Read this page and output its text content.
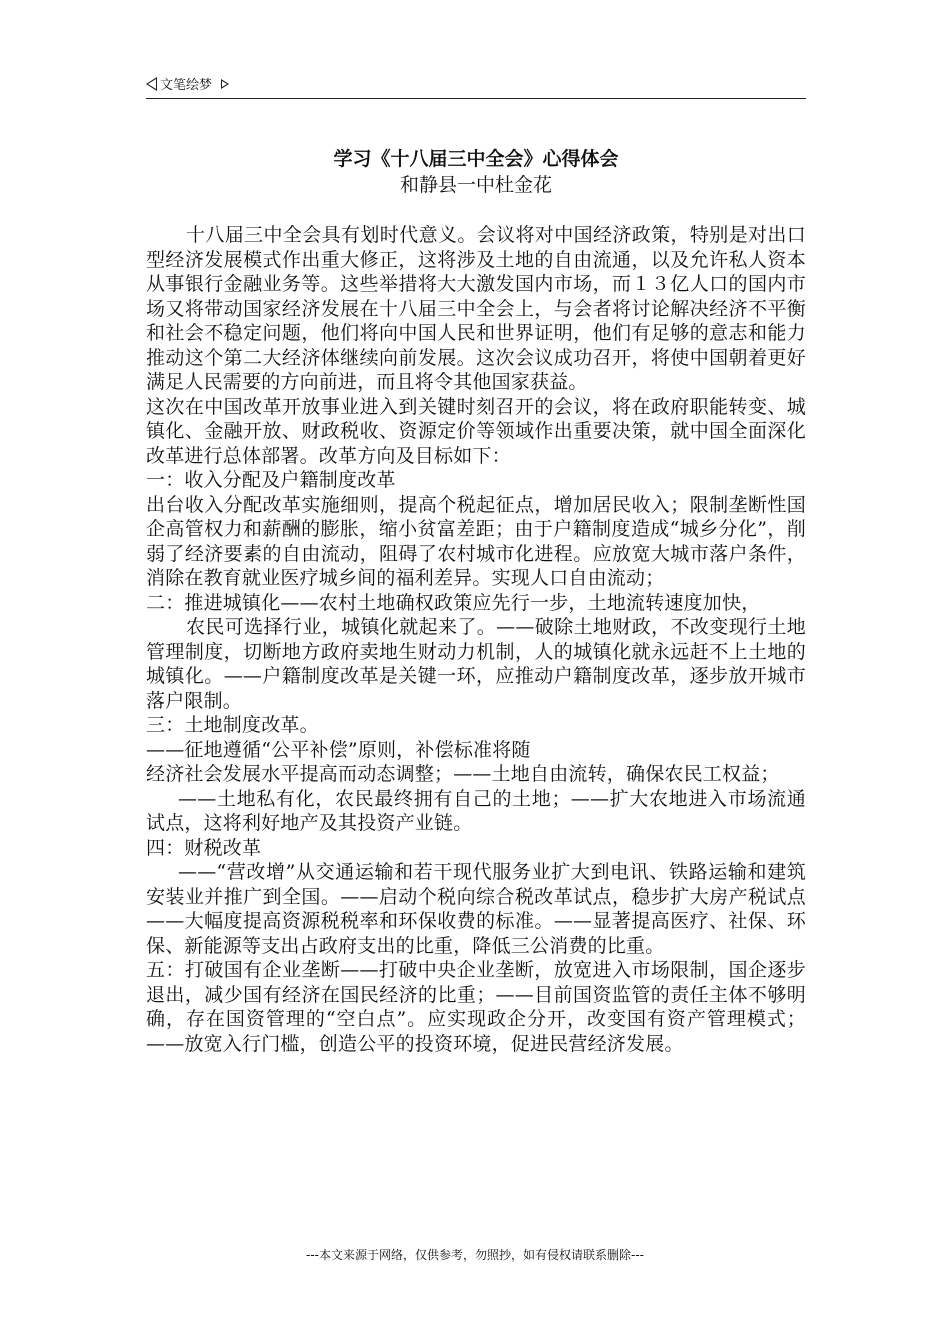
文笔绘梦
学习《十八届三中全会》心得体会
和静县一中杜金花

十八届三中全会具有划时代意义。会议将对中国经济政策，特别是对出口型经济发展模式作出重大修正，这将涉及土地的自由流通，以及允许私人资本从事银行金融业务等。这些举措将大大激发国内市场，而１３亿人口的国内市场又将带动国家经济发展在十八届三中全会上，与会者将讨论解决经济不平衡和社会不稳定问题，他们将向中国人民和世界证明，他们有足够的意志和能力推动这个第二大经济体继续向前发展。这次会议成功召开，将使中国朝着更好满足人民需要的方向前进，而且将令其他国家获益。

这次在中国改革开放事业进入到关键时刻召开的会议，将在政府职能转变、城镇化、金融开放、财政税收、资源定价等领域作出重要决策，就中国全面深化改革进行总体部署。改革方向及目标如下：

一：收入分配及户籍制度改革

出台收入分配改革实施细则，提高个税起征点，增加居民收入；限制垄断性国企高管权力和薪酬的膨胀，缩小贫富差距；由于户籍制度造成“城乡分化”，削弱了经济要素的自由流动，阻碍了农村城市化进程。应放宽大城市落户条件，消除在教育就业医疗城乡间的福利差异。实现人口自由流动；

二：推进城镇化——农村土地确权政策应先行一步，土地流转速度加快，

农民可选择行业，城镇化就起来了。——破除土地财政，不改变现行土地管理制度，切断地方政府卖地生财动力机制，人的城镇化就永远赶不上土地的城镇化。——户籍制度改革是关键一环，应推动户籍制度改革，逐步放开城市落户限制。

三：土地制度改革。

——征地遵循“公平补偿”原则，补偿标准将随

经济社会发展水平提高而动态调整；——土地自由流转，确保农民工权益；

——土地私有化，农民最终拥有自己的土地；——扩大农地进入市场流通试点，这将利好地产及其投资产业链。

四：财税改革

——“营改增”从交通运输和若干现代服务业扩大到电讯、铁路运输和建筑安装业并推广到全国。——启动个税向综合税改革试点，稳步扩大房产税试点——大幅度提高资源税税率和环保收费的标准。——显著提高医疗、社保、环保、新能源等支出占政府支出的比重，降低三公消费的比重。

五：打破国有企业垄断——打破中央企业垄断，放宽进入市场限制，国企逐步退出，减少国有经济在国民经济的比重；——目前国资监管的责任主体不够明确，存在国资管理的“空白点”。应实现政企分开，改变国有资产管理模式；——放宽入行门槛，创造公平的投资环境，促进民营经济发展。

---本文来源于网络，仅供参考，勿照抄，如有侵权请联系删除---
